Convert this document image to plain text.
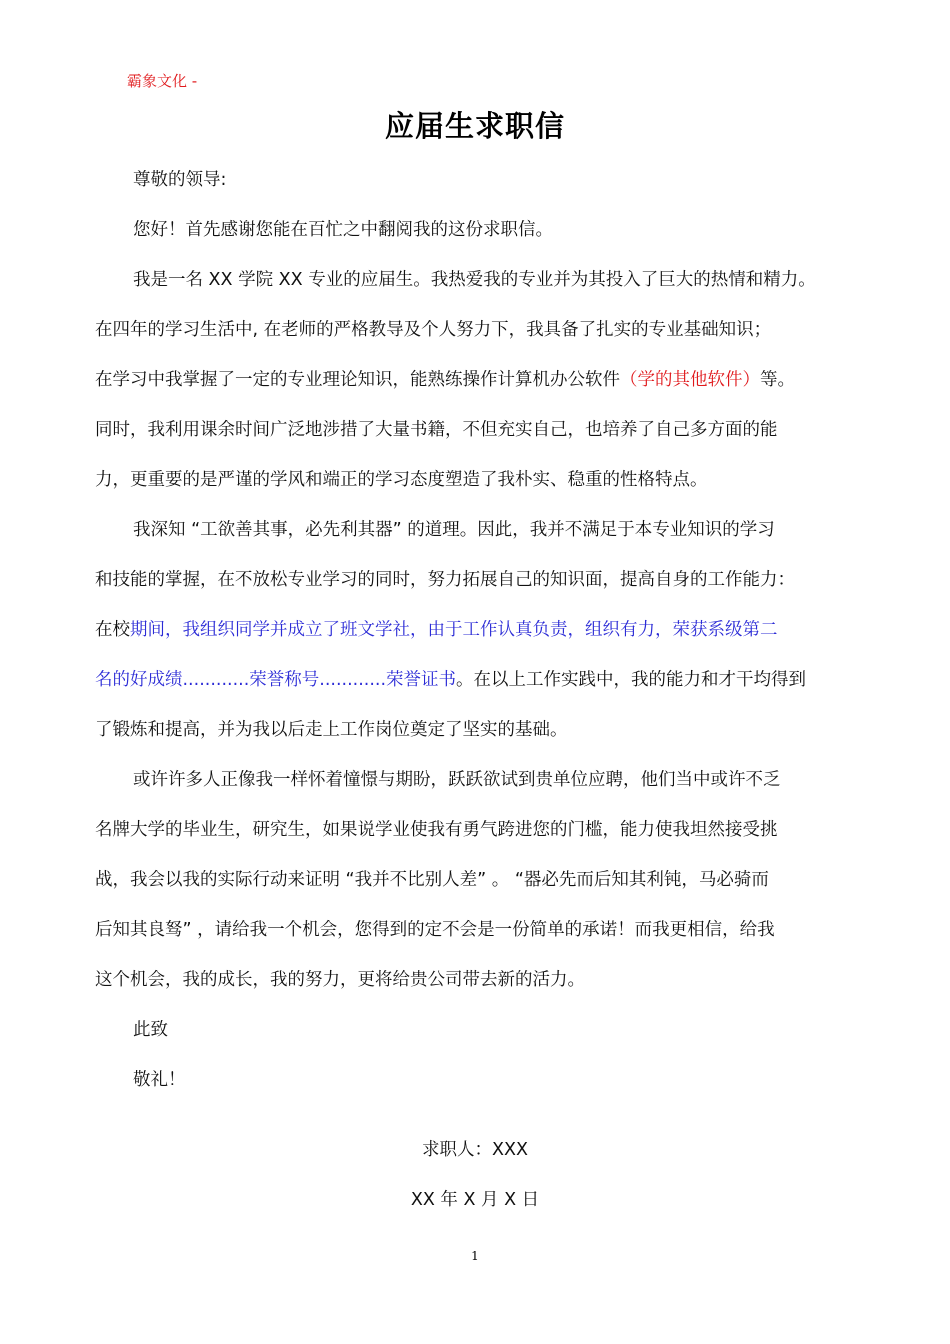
霸象文化 -
应届生求职信
尊敬的领导:
您好！首先感谢您能在百忙之中翻阅我的这份求职信。
我是一名 XX 学院 XX 专业的应届生。我热爱我的专业并为其投入了巨大的热情和精力。
在四年的学习生活中, 在老师的严格教导及个人努力下，我具备了扎实的专业基础知识；
在学习中我掌握了一定的专业理论知识，能熟练操作计算机办公软件（学的其他软件）等。
同时，我利用课余时间广泛地涉措了大量书籍，不但充实自己，也培养了自己多方面的能
力，更重要的是严谨的学风和端正的学习态度塑造了我朴实、稳重的性格特点。
我深知 “工欲善其事，必先利其器” 的道理。因此，我并不满足于本专业知识的学习
和技能的掌握，在不放松专业学习的同时，努力拓展自己的知识面，提高自身的工作能力：
在校期间，我组织同学并成立了班文学社，由于工作认真负责，组织有力，荣获系级第二
名的好成绩............荣誉称号............荣誉证书。在以上工作实践中，我的能力和才干均得到
了锻炼和提高，并为我以后走上工作岗位奠定了坚实的基础。
或许许多人正像我一样怀着憧憬与期盼，跃跃欲试到贵单位应聘，他们当中或许不乏
名牌大学的毕业生，研究生，如果说学业使我有勇气跨进您的门槛，能力使我坦然接受挑
战，我会以我的实际行动来证明 “我并不比别人差” 。 “器必先而后知其利钝，马必骑而
后知其良驽” ，请给我一个机会，您得到的定不会是一份简单的承诺！而我更相信，给我
这个机会，我的成长，我的努力，更将给贵公司带去新的活力。
此致
敬礼！
求职人：XXX
XX 年 X 月 X 日
1
